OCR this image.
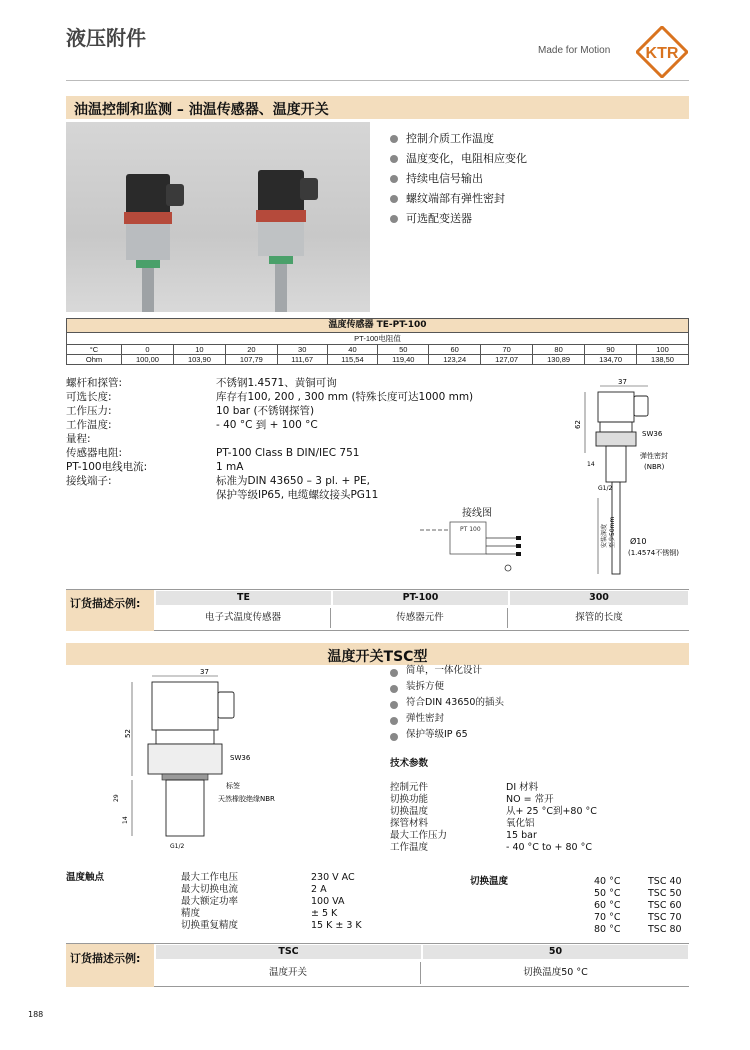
液压附件
Made for Motion KTR
油温控制和监测 – 油温传感器、温度开关
控制介质工作温度
温度变化，电阻相应变化
持续电信号输出
螺纹端部有弹性密封
可选配变送器
温度传感器 TE-PT-100
PT-100电阻值											
°C	0	10	20	30	40	50	60	70	80	90	100
Ohm	100,00	103,90	107,79	111,67	115,54	119,40	123,24	127,07	130,89	134,70	138,50
螺杆和探管:	不锈钢1.4571、黄铜可询
可选长度:	库存有100, 200 , 300 mm (特殊长度可达1000 mm)
工作压力:	10 bar (不锈钢探管)
工作温度:	- 40 °C 到 + 100 °C
量程:
传感器电阻:	PT-100 Class B DIN/IEC 751
PT-100电线电流:	1 mA
接线端子:	标准为DIN 43650 – 3 pl. + PE,
保护等级IP65, 电缆螺纹接头PG11
接线图
PT 100
37
62
SW36
14
弹性密封
(NBR)
G1/2
安装深度 至少50mm Ø10
(1.4574不锈钢)
订货描述示例:	TE	PT-100	300
电子式温度传感器	传感器元件	探管的长度
温度开关TSC型
37
52
SW36
29
14
标签
天然橡胶绝缘NBR
G1/2
简单，一体化设计
装拆方便
符合DIN 43650的插头
弹性密封
保护等级IP 65
技术参数
控制元件	DI 材料
切换功能	NO = 常开
切换温度	从+ 25 °C到+80 °C
探管材料	氧化铝
最大工作压力	15 bar
工作温度	- 40 °C to + 80 °C
温度触点	最大工作电压	230 V AC
最大切换电流	2 A
最大额定功率	100 VA
精度	± 5 K
切换重复精度	15 K ± 3 K
切换温度	40 °C	TSC 40
50 °C	TSC 50
60 °C	TSC 60
70 °C	TSC 70
80 °C	TSC 80
订货描述示例:
TSC	50
温度开关	切换温度50 °C
188
